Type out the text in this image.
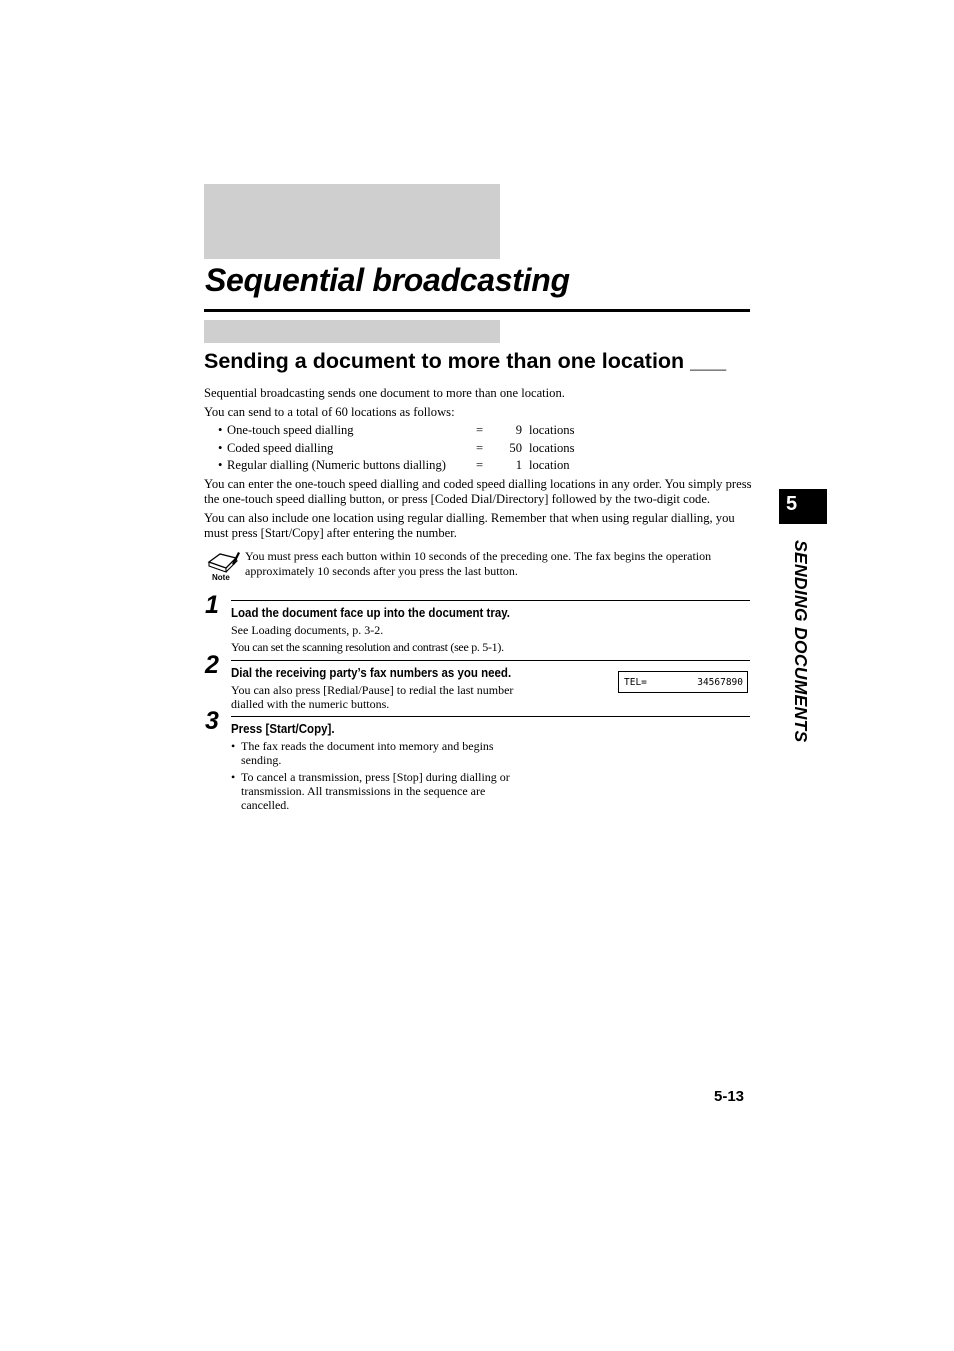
Sequential broadcasting
Sending a document to more than one location ___
Sequential broadcasting sends one document to more than one location.
You can send to a total of 60 locations as follows:
• One-touch speed dialling	=	9 locations
• Coded speed dialling	=	50 locations
• Regular dialling (Numeric buttons dialling) =	1 location
You can enter the one-touch speed dialling and coded speed dialling locations in any order. You simply press the one-touch speed dialling button, or press [Coded Dial/Directory] followed by the two-digit code.
You can also include one location using regular dialling. Remember that when using regular dialling, you must press [Start/Copy] after entering the number.
Note
You must press each button within 10 seconds of the preceding one. The fax begins the operation approximately 10 seconds after you press the last button.
1 Load the document face up into the document tray.
See Loading documents, p. 3-2.
You can set the scanning resolution and contrast (see p. 5-1).
2 Dial the receiving party’s fax numbers as you need.
You can also press [Redial/Pause] to redial the last number dialled with the numeric buttons.
TEL=	34567890
3 Press [Start/Copy].
• The fax reads the document into memory and begins sending.
• To cancel a transmission, press [Stop] during dialling or transmission. All transmissions in the sequence are cancelled.
5
SENDING DOCUMENTS
5-13
